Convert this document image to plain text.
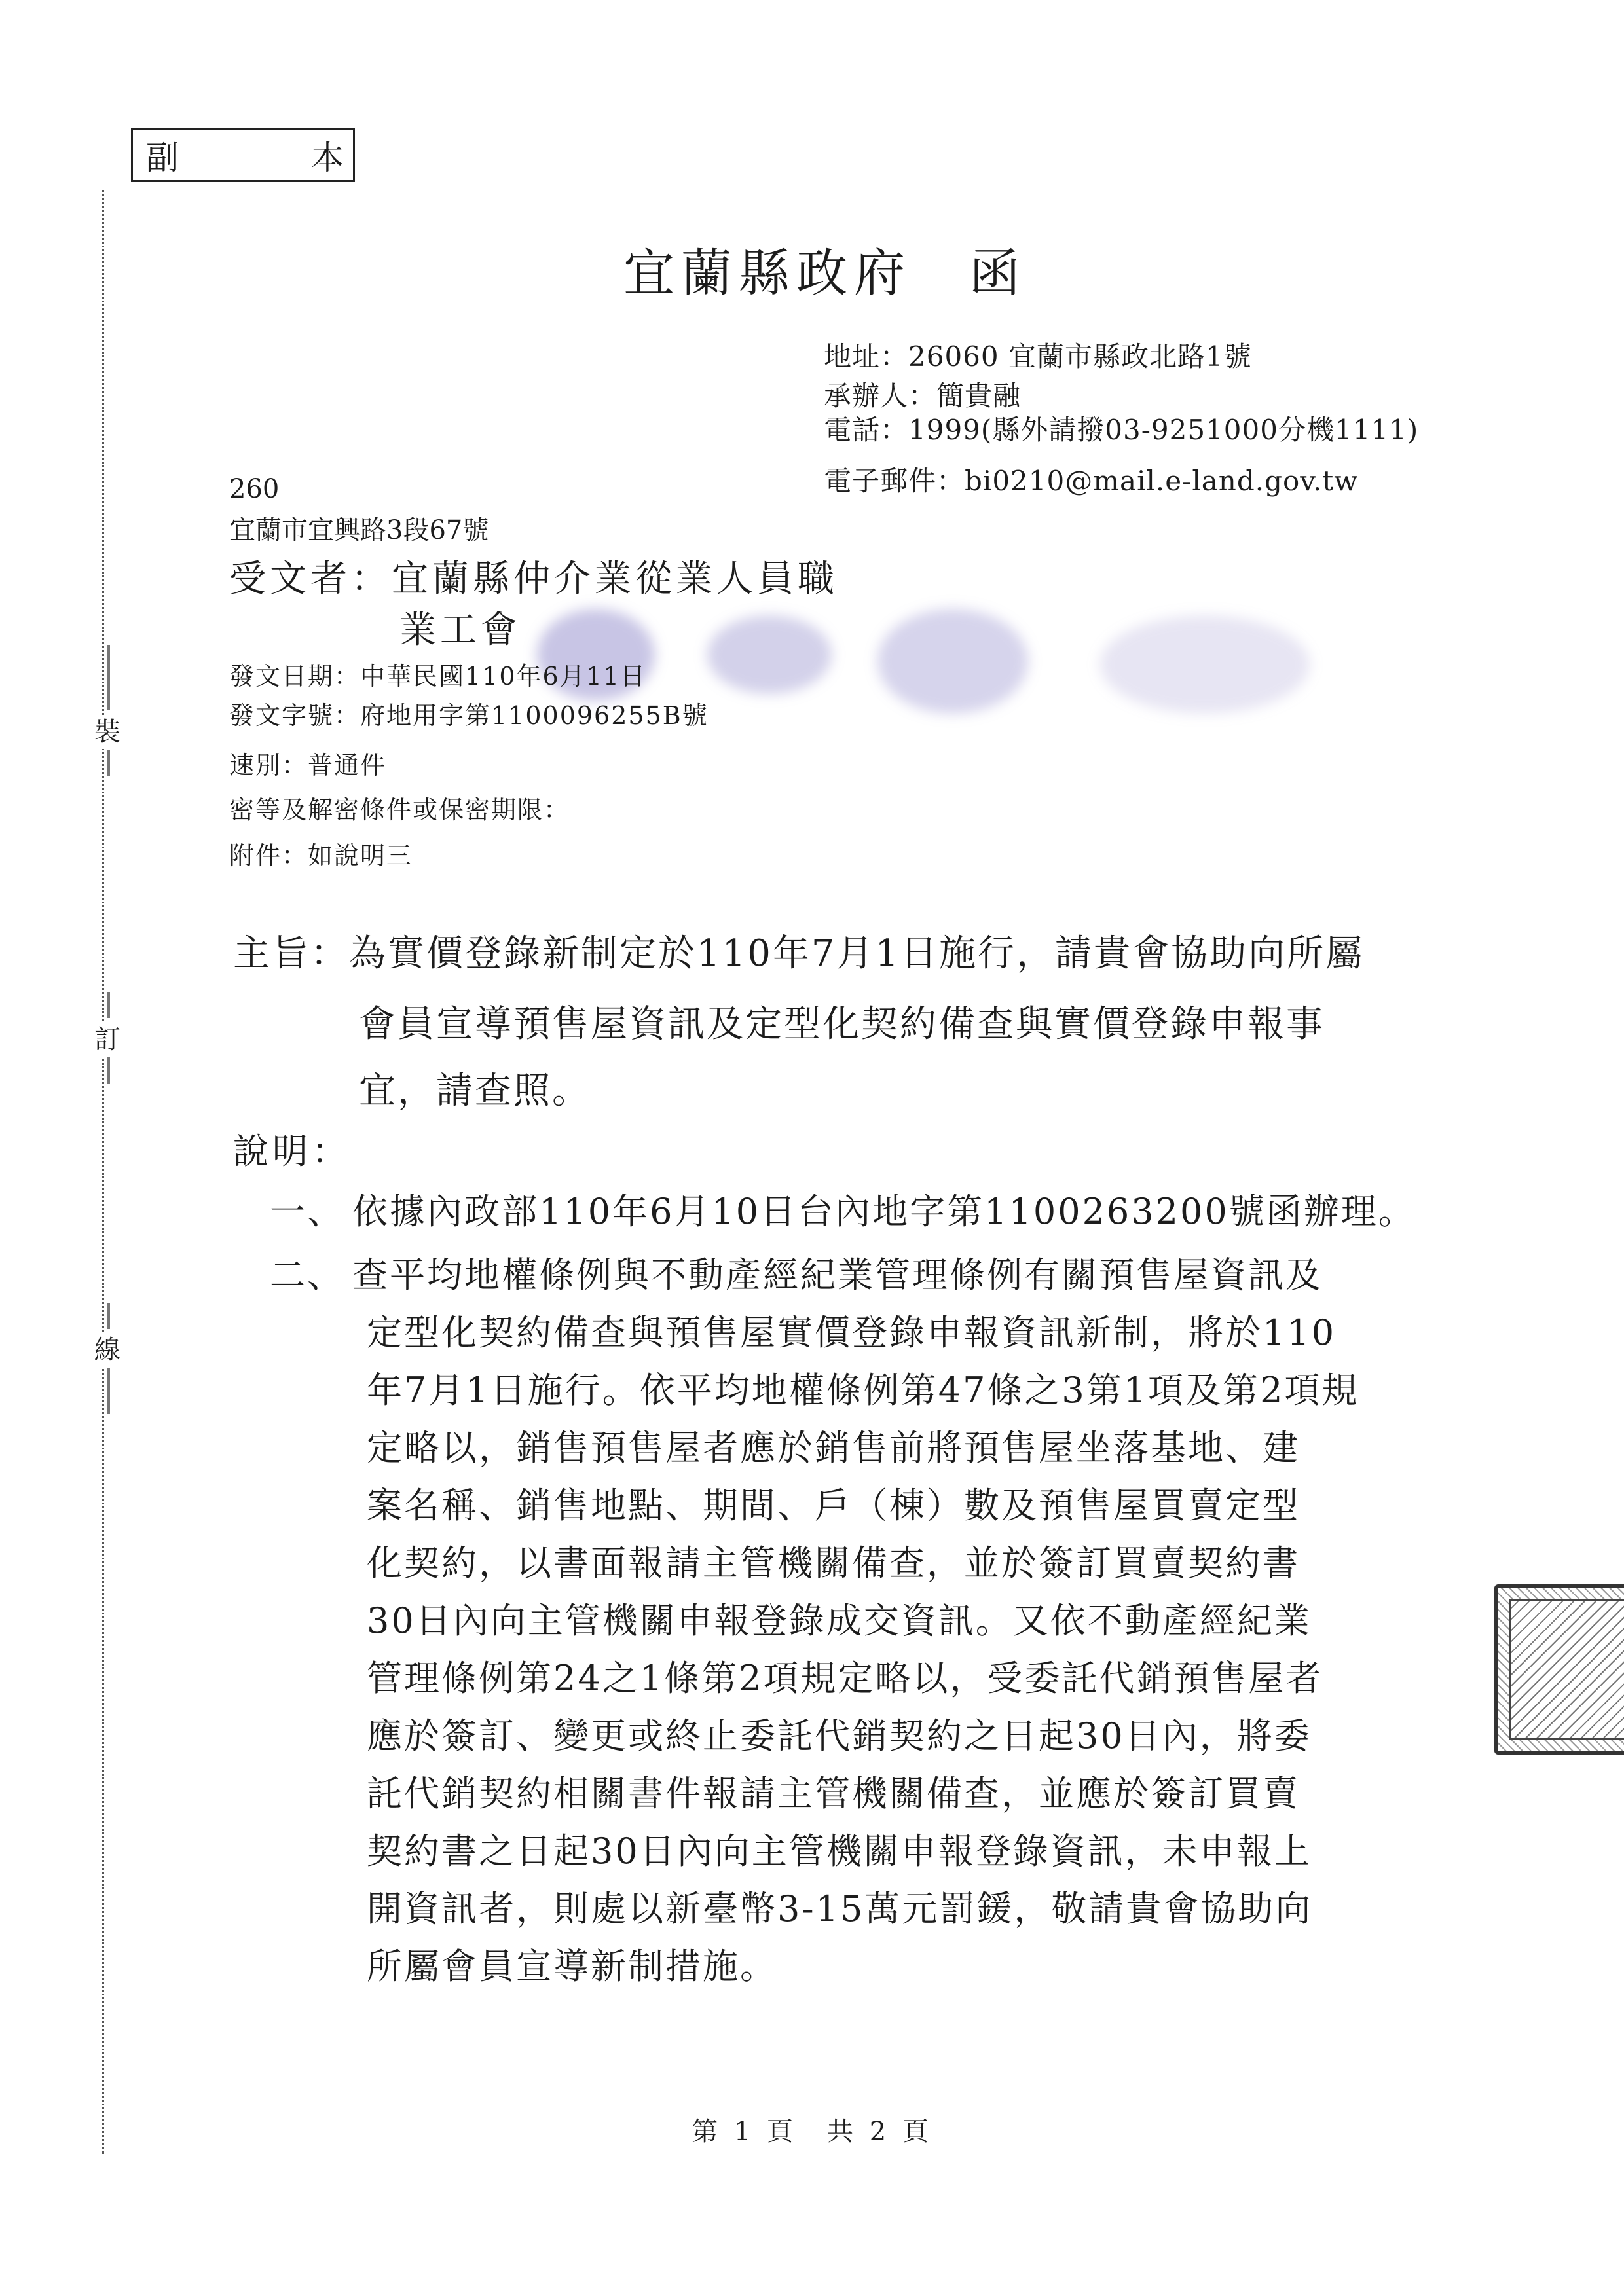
副	本
裝
訂
線
宜蘭縣政府　函
地址：26060 宜蘭市縣政北路1號
承辦人：簡貴融
電話：1999(縣外請撥03-9251000分機1111)
電子郵件：bi0210@mail.e-land.gov.tw
260
宜蘭市宜興路3段67號
受文者：宜蘭縣仲介業從業人員職
業工會
發文日期：中華民國110年6月11日
發文字號：府地用字第1100096255B號
速別：普通件
密等及解密條件或保密期限：
附件：如說明三
主旨：為實價登錄新制定於110年7月1日施行，請貴會協助向所屬
會員宣導預售屋資訊及定型化契約備查與實價登錄申報事
宜，請查照。
說明：
一、 依據內政部110年6月10日台內地字第1100263200號函辦理。
二、 查平均地權條例與不動產經紀業管理條例有關預售屋資訊及
定型化契約備查與預售屋實價登錄申報資訊新制，將於110
年7月1日施行。依平均地權條例第47條之3第1項及第2項規
定略以，銷售預售屋者應於銷售前將預售屋坐落基地、建
案名稱、銷售地點、期間、戶（棟）數及預售屋買賣定型
化契約，以書面報請主管機關備查，並於簽訂買賣契約書
30日內向主管機關申報登錄成交資訊。又依不動產經紀業
管理條例第24之1條第2項規定略以，受委託代銷預售屋者
應於簽訂、變更或終止委託代銷契約之日起30日內，將委
託代銷契約相關書件報請主管機關備查，並應於簽訂買賣
契約書之日起30日內向主管機關申報登錄資訊，未申報上
開資訊者，則處以新臺幣3-15萬元罰鍰，敬請貴會協助向
所屬會員宣導新制措施。
第 1 頁　共 2 頁
